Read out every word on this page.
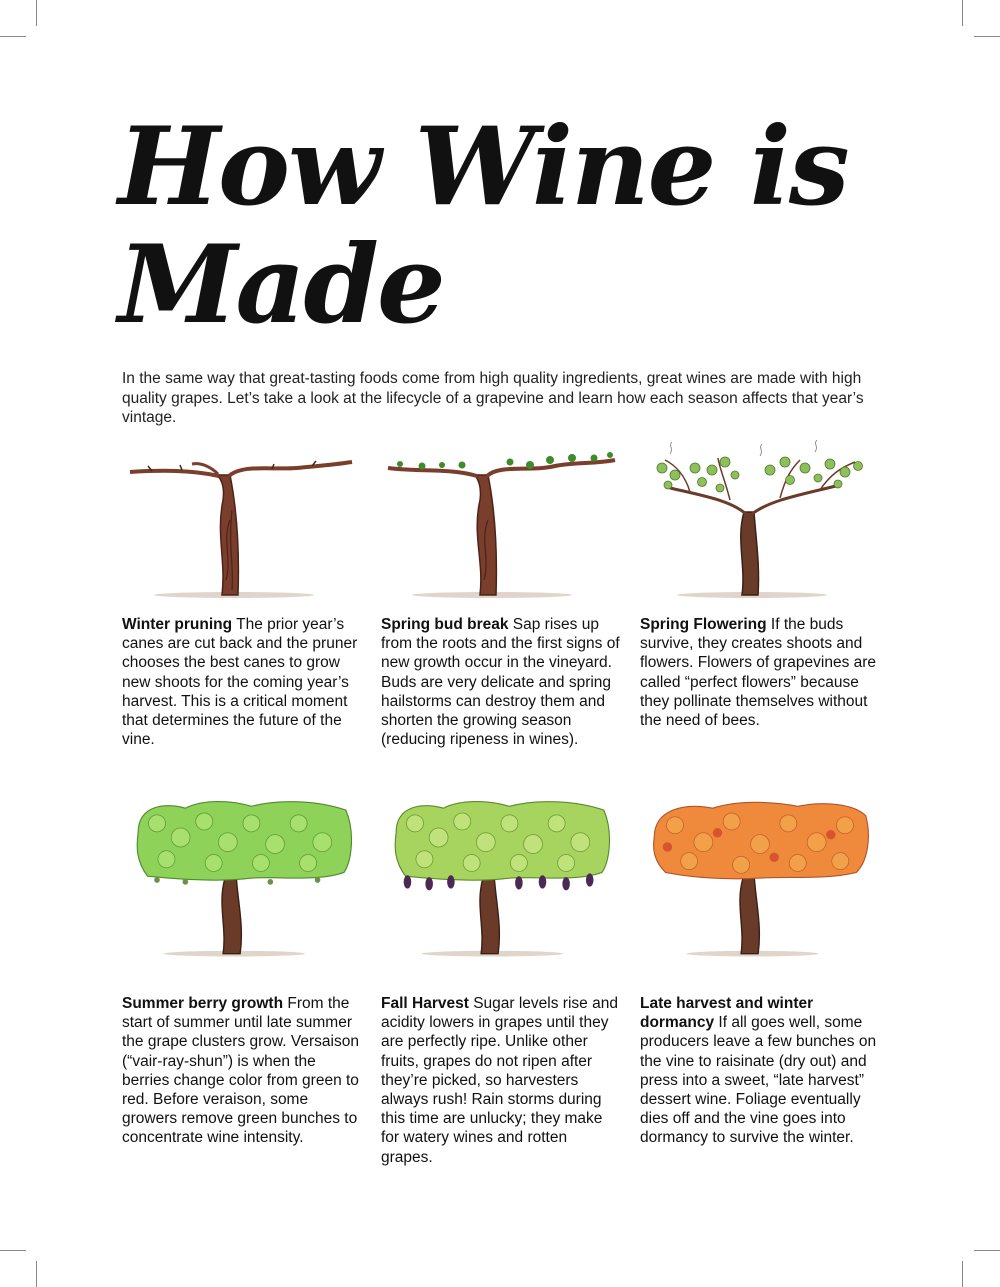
How Wine is
Made

In the same way that great-tasting foods come from high quality ingredients, great wines are made with high quality grapes. Let’s take a look at the lifecycle of a grapevine and learn how each season affects that year’s vintage.

Winter pruning The prior year’s canes are cut back and the pruner chooses the best canes to grow new shoots for the coming year’s harvest. This is a critical moment that determines the future of the vine.

Spring bud break Sap rises up from the roots and the first signs of new growth occur in the vineyard. Buds are very delicate and spring hailstorms can destroy them and shorten the growing season (reducing ripeness in wines).

Spring Flowering If the buds survive, they creates shoots and flowers. Flowers of grapevines are called “perfect flowers” because they pollinate themselves without the need of bees.

Summer berry growth From the start of summer until late summer the grape clusters grow. Versaison (“vair-ray-shun”) is when the berries change color from green to red. Before veraison, some growers remove green bunches to concentrate wine intensity.

Fall Harvest Sugar levels rise and acidity lowers in grapes until they are perfectly ripe. Unlike other fruits, grapes do not ripen after they’re picked, so harvesters always rush! Rain storms during this time are unlucky; they make for watery wines and rotten grapes.

Late harvest and winter dormancy If all goes well, some producers leave a few bunches on the vine to raisinate (dry out) and press into a sweet, “late harvest” dessert wine. Foliage eventually dies off and the vine goes into dormancy to survive the winter.
